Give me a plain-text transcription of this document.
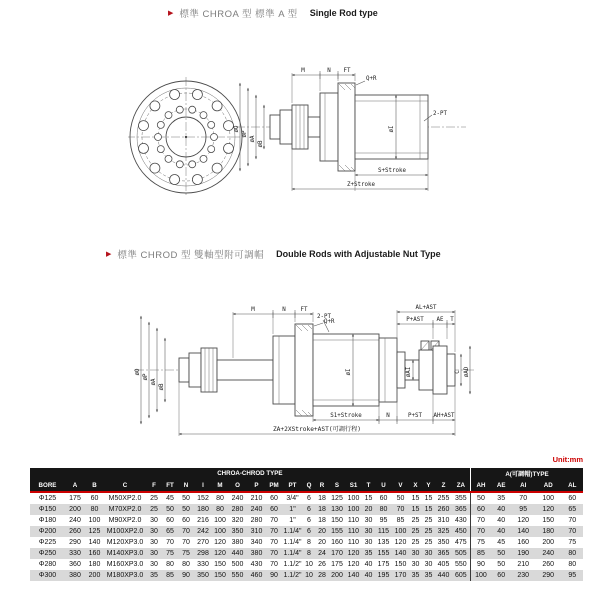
▶ 標準 CHROA 型 標準 A 型 Single Rod type
2-PT
M	N FT
Q+R
øO
øP
øA
øB
øI
S+Stroke
Z+Stroke
▶ 標準 CHROD 型 雙軸型附可調帽 Double Rods with Adjustable Nut Type
øO
øP
øA
øB
2-PT
M	N	FT
Q+R
AL+AST
P+AST AE T
øI	øAI	C øAD
S1+Stroke	N	P+ST AH+AST
ZA+2XStroke+AST(可調行程)
Unit:mm
CHROA-CHROD TYPE																								A(可調帽)TYPE				
BORE	A	B	C	F	FT	N	I	M	O	P	PM	PT	Q	R	S	S1	T	U	V	X	Y	Z	ZA	AH	AE	AI	AD	AL
Φ125	175	60	M50XP2.0	25	45	50	152	80	240	210	60	3/4"	6	18	125	100	15	60	50	15	15	255	355	50	35	70	100	60
Φ150	200	80	M70XP2.0	25	50	50	180	80	280	240	60	1"	6	18	130	100	20	80	70	15	15	260	365	60	40	95	120	65
Φ180	240	100	M90XP2.0	30	60	60	216	100	320	280	70	1"	6	18	150	110	30	95	85	25	25	310	430	70	40	120	150	70
Φ200	260	125	M100XP2.0	30	65	70	242	100	350	310	70	1.1/4"	6	20	155	110	30	115	100	25	25	325	450	70	40	140	180	70
Φ225	290	140	M120XP3.0	30	70	70	270	120	380	340	70	1.1/4"	8	20	160	110	30	135	120	25	25	350	475	75	45	160	200	75
Φ250	330	160	M140XP3.0	30	75	75	298	120	440	380	70	1.1/4"	8	24	170	120	35	155	140	30	30	365	505	85	50	190	240	80
Φ280	360	180	M160XP3.0	30	80	80	330	150	500	430	70	1.1/2"	10	26	175	120	40	175	150	30	30	405	550	90	50	210	260	80
Φ300	380	200	M180XP3.0	35	85	90	350	150	550	460	90	1.1/2"	10	28	200	140	40	195	170	35	35	440	605	100	60	230	290	95
